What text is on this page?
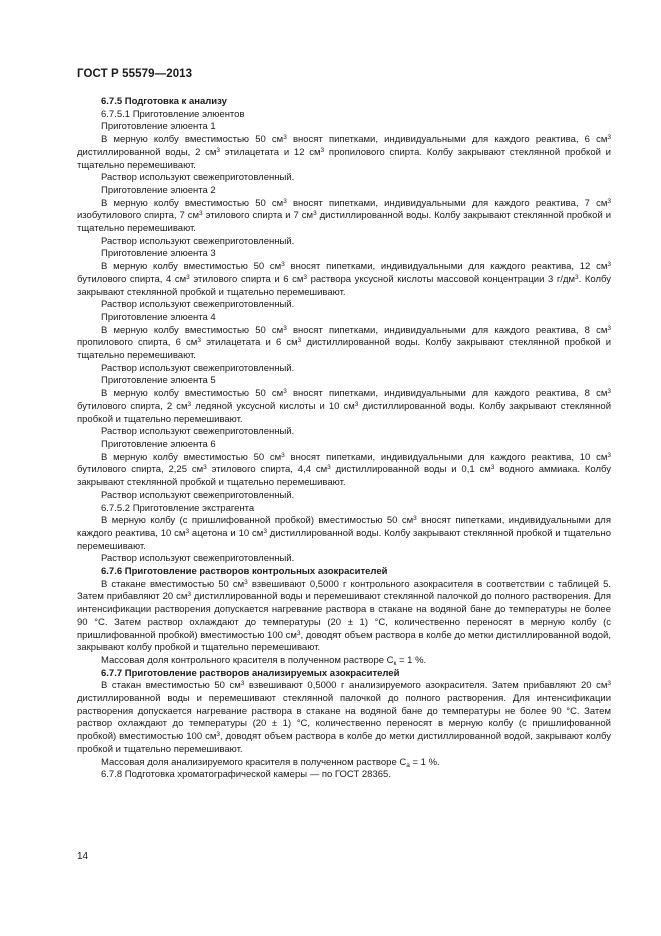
ГОСТ Р 55579—2013

6.7.5 Подготовка к анализу

6.7.5.1 Приготовление элюентов

Приготовление элюента 1

В мерную колбу вместимостью 50 $см^3$ вносят пипетками, индивидуальными для каждого реактива, 6 $см^3$ дистиллированной воды, 2 $см^3$ этилацетата и 12 $см^3$ пропилового спирта. Колбу закрывают стеклянной пробкой и тщательно перемешивают.

Раствор используют свежеприготовленный.

Приготовление элюента 2

В мерную колбу вместимостью 50 $см^3$ вносят пипетками, индивидуальными для каждого реактива, 7 $см^3$ изобутилового спирта, 7 $см^3$ этилового спирта и 7 $см^3$ дистиллированной воды. Колбу закрывают стеклянной пробкой и тщательно перемешивают.

Раствор используют свежеприготовленный.

Приготовление элюента 3

В мерную колбу вместимостью 50 $см^3$ вносят пипетками, индивидуальными для каждого реактива, 12 $см^3$ бутилового спирта, 4 $см^3$ этилового спирта и 6 $см^3$ раствора уксусной кислоты массовой концентрации 3 $г/дм^3$. Колбу закрывают стеклянной пробкой и тщательно перемешивают.

Раствор используют свежеприготовленный.

Приготовление элюента 4

В мерную колбу вместимостью 50 $см^3$ вносят пипетками, индивидуальными для каждого реактива, 8 $см^3$ пропилового спирта, 6 $см^3$ этилацетата и 6 $см^3$ дистиллированной воды. Колбу закрывают стеклянной пробкой и тщательно перемешивают.

Раствор используют свежеприготовленный.

Приготовление элюента 5

В мерную колбу вместимостью 50 $см^3$ вносят пипетками, индивидуальными для каждого реактива, 8 $см^3$ бутилового спирта, 2 $см^3$ ледяной уксусной кислоты и 10 $см^3$ дистиллированной воды. Колбу закрывают стеклянной пробкой и тщательно перемешивают.

Раствор используют свежеприготовленный.

Приготовление элюента 6

В мерную колбу вместимостью 50 $см^3$ вносят пипетками, индивидуальными для каждого реактива, 10 $см^3$ бутилового спирта, 2,25 $см^3$ этилового спирта, 4,4 $см^3$ дистиллированной воды и 0,1 $см^3$ водного аммиака. Колбу закрывают стеклянной пробкой и тщательно перемешивают.

Раствор используют свежеприготовленный.

6.7.5.2 Приготовление экстрагента

В мерную колбу (с пришлифованной пробкой) вместимостью 50 $см^3$ вносят пипетками, индивидуальными для каждого реактива, 10 $см^3$ ацетона и 10 $см^3$ дистиллированной воды. Колбу закрывают стеклянной пробкой и тщательно перемешивают.

Раствор используют свежеприготовленный.

6.7.6 Приготовление растворов контрольных азокрасителей

В стакане вместимостью 50 $см^3$ взвешивают 0,5000 г контрольного азокрасителя в соответствии с таблицей 5. Затем прибавляют 20 $см^3$ дистиллированной воды и перемешивают стеклянной палочкой до полного растворения. Для интенсификации растворения допускается нагревание раствора в стакане на водяной бане до температуры не более 90 °С. Затем раствор охлаждают до температуры (20 ± 1) °С, количественно переносят в мерную колбу (с пришлифованной пробкой) вместимостью 100 $см^3$, доводят объем раствора в колбе до метки дистиллированной водой, закрывают колбу пробкой и тщательно перемешивают.

Массовая доля контрольного красителя в полученном растворе $С_к = 1$ %.

6.7.7 Приготовление растворов анализируемых азокрасителей

В стакан вместимостью 50 $см^3$ взвешивают 0,5000 г анализируемого азокрасителя. Затем прибавляют 20 $см^3$ дистиллированной воды и перемешивают стеклянной палочкой до полного растворения. Для интенсификации растворения допускается нагревание раствора в стакане на водяной бане до температуры не более 90 °С. Затем раствор охлаждают до температуры (20 ± 1) °С, количественно переносят в мерную колбу (с пришлифованной пробкой) вместимостью 100 $см^3$, доводят объем раствора в колбе до метки дистиллированной водой, закрывают колбу пробкой и тщательно перемешивают.

Массовая доля анализируемого красителя в полученном растворе $С_а = 1$ %.

6.7.8 Подготовка хроматографической камеры — по ГОСТ 28365.

14
